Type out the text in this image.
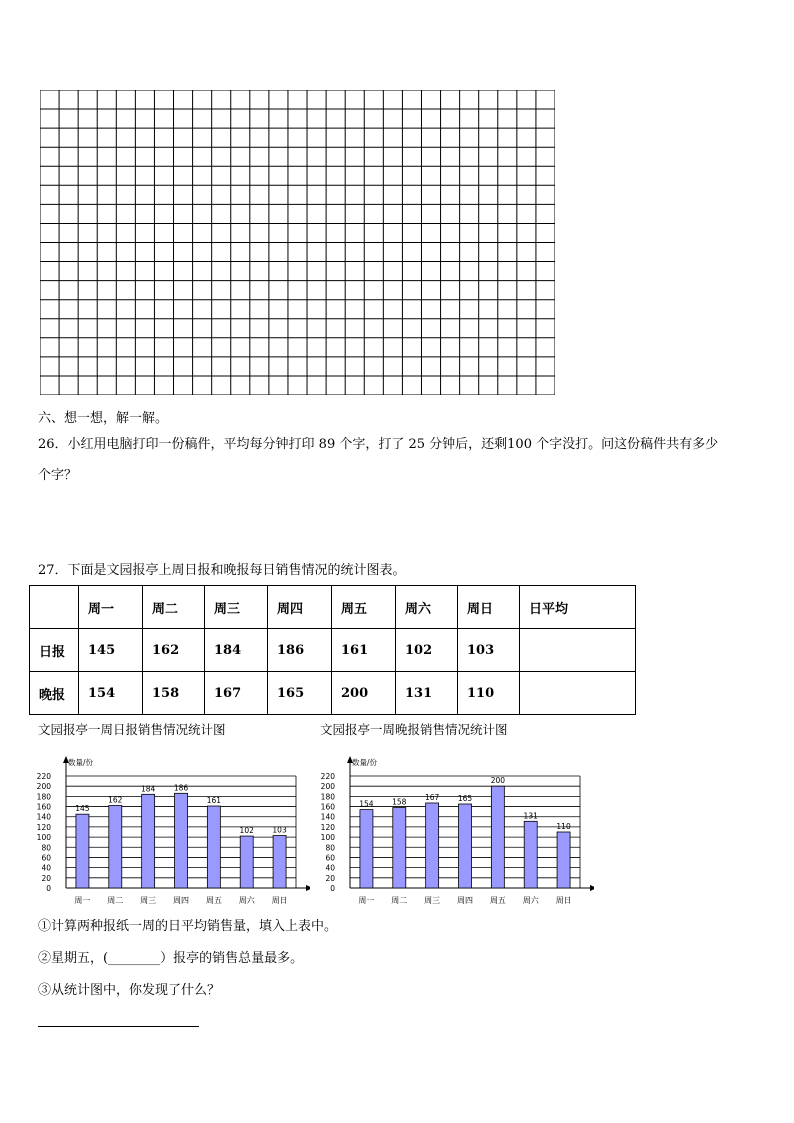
六、想一想，解一解。
26．小红用电脑打印一份稿件，平均每分钟打印 89 个字，打了 25 分钟后，还剩100 个字没打。问这份稿件共有多少
个字？
27．下面是文园报亭上周日报和晚报每日销售情况的统计图表。
	周一	周二	周三	周四	周五	周六	周日	日平均
日报	145	162	184	186	161	102	103	
晚报	154	158	167	165	200	131	110	
文园报亭一周日报销售情况统计图	文园报亭一周晚报销售情况统计图
0
20
40
60
80
100
120
140
160
180
200
220
数量/份
145
周一
162
周二
184
周三
186
周四
161
周五
102
周六
103
周日
0
20
40
60
80
100
120
140
160
180
200
220
数量/份
154
周一
158
周二
167
周三
165
周四
200
周五
131
周六
110
周日
①计算两种报纸一周的日平均销售量，填入上表中。
②星期五，(________）报亭的销售总量最多。
③从统计图中，你发现了什么？
